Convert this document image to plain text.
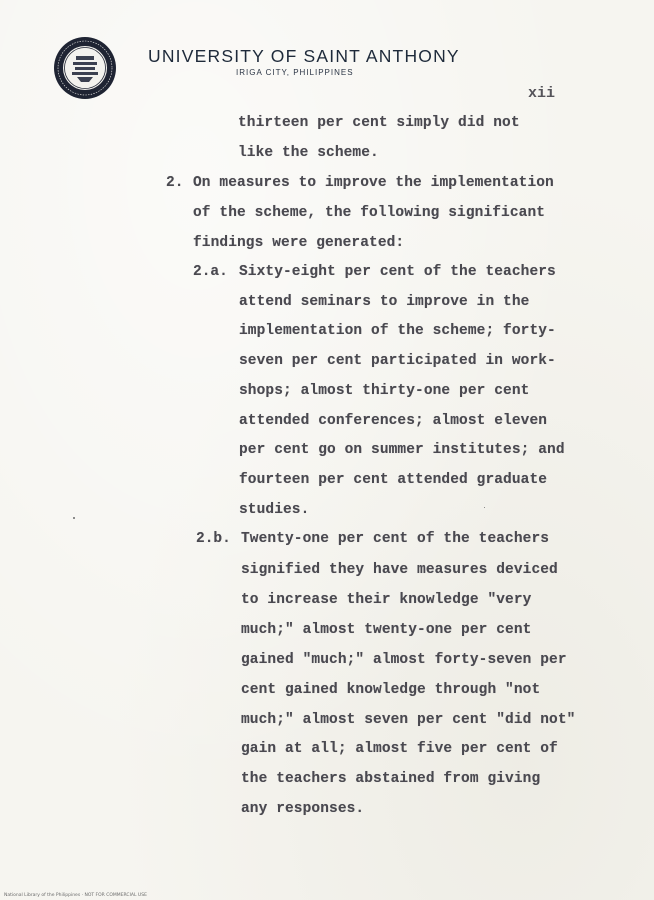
UNIVERSITY OF SAINT ANTHONY
IRIGA CITY, PHILIPPINES
xii
thirteen per cent simply did not
like the scheme.
2. On measures to improve the implementation
of the scheme, the following significant
findings were generated:
2.a. Sixty-eight per cent of the teachers
attend seminars to improve in the
implementation of the scheme; forty-
seven per cent participated in work-
shops; almost thirty-one per cent
attended conferences; almost eleven
per cent go on summer institutes; and
fourteen per cent attended graduate
studies.
2.b. Twenty-one per cent of the teachers
signified they have measures deviced
to increase their knowledge "very
much;" almost twenty-one per cent
gained "much;" almost forty-seven per
cent gained knowledge through "not
much;" almost seven per cent "did not"
gain at all; almost five per cent of
the teachers abstained from giving
any responses.
National Library of the Philippines · NOT FOR COMMERCIAL USE
